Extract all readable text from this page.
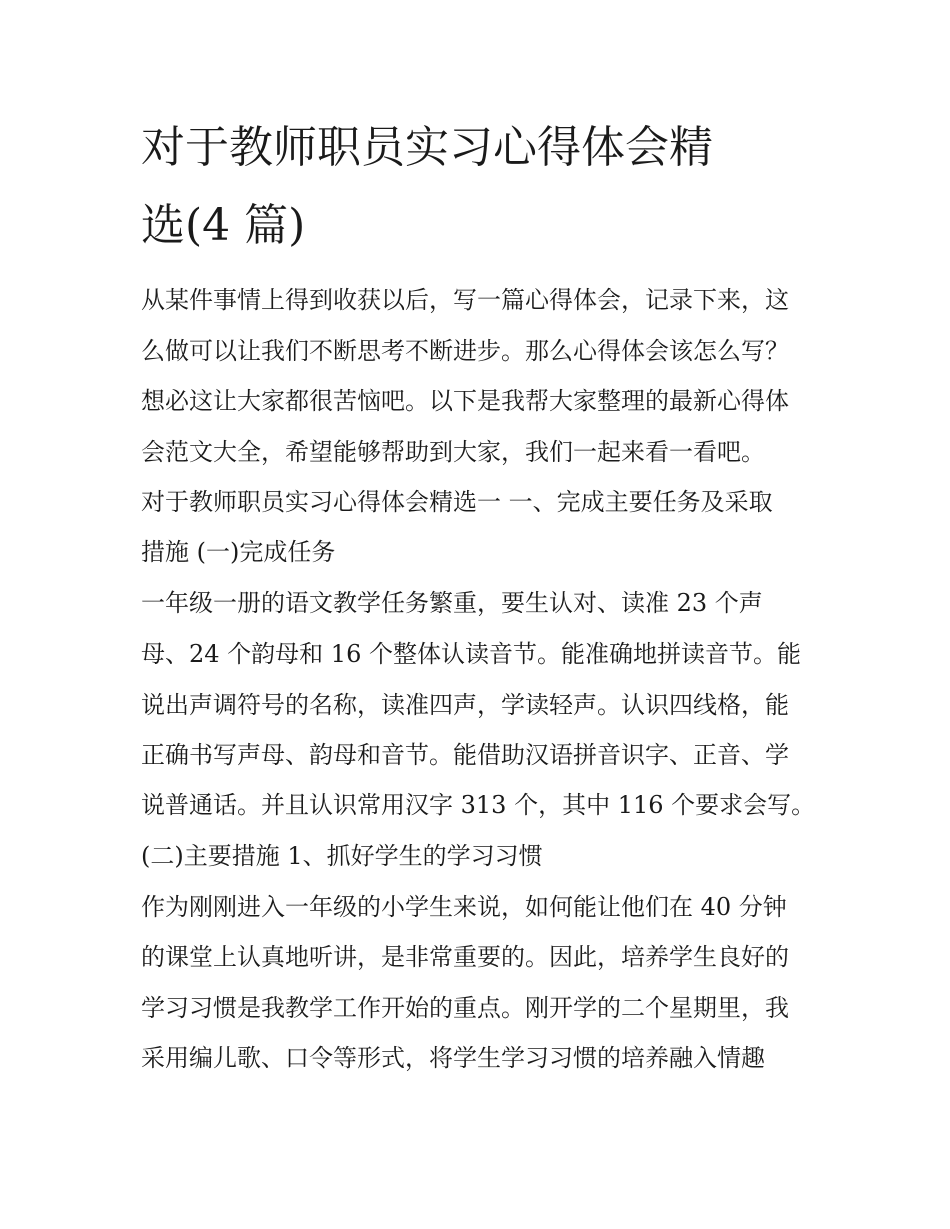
对于教师职员实习心得体会精
选(4 篇)
从某件事情上得到收获以后，写一篇心得体会，记录下来，这
么做可以让我们不断思考不断进步。那么心得体会该怎么写？
想必这让大家都很苦恼吧。以下是我帮大家整理的最新心得体
会范文大全，希望能够帮助到大家，我们一起来看一看吧。
对于教师职员实习心得体会精选一 一、完成主要任务及采取
措施 (一)完成任务
一年级一册的语文教学任务繁重，要生认对、读准 23 个声
母、24 个韵母和 16 个整体认读音节。能准确地拼读音节。能
说出声调符号的名称，读准四声，学读轻声。认识四线格，能
正确书写声母、韵母和音节。能借助汉语拼音识字、正音、学
说普通话。并且认识常用汉字 313 个，其中 116 个要求会写。
(二)主要措施 1、抓好学生的学习习惯
作为刚刚进入一年级的小学生来说，如何能让他们在 40 分钟
的课堂上认真地听讲，是非常重要的。因此，培养学生良好的
学习习惯是我教学工作开始的重点。刚开学的二个星期里，我
采用编儿歌、口令等形式，将学生学习习惯的培养融入情趣
